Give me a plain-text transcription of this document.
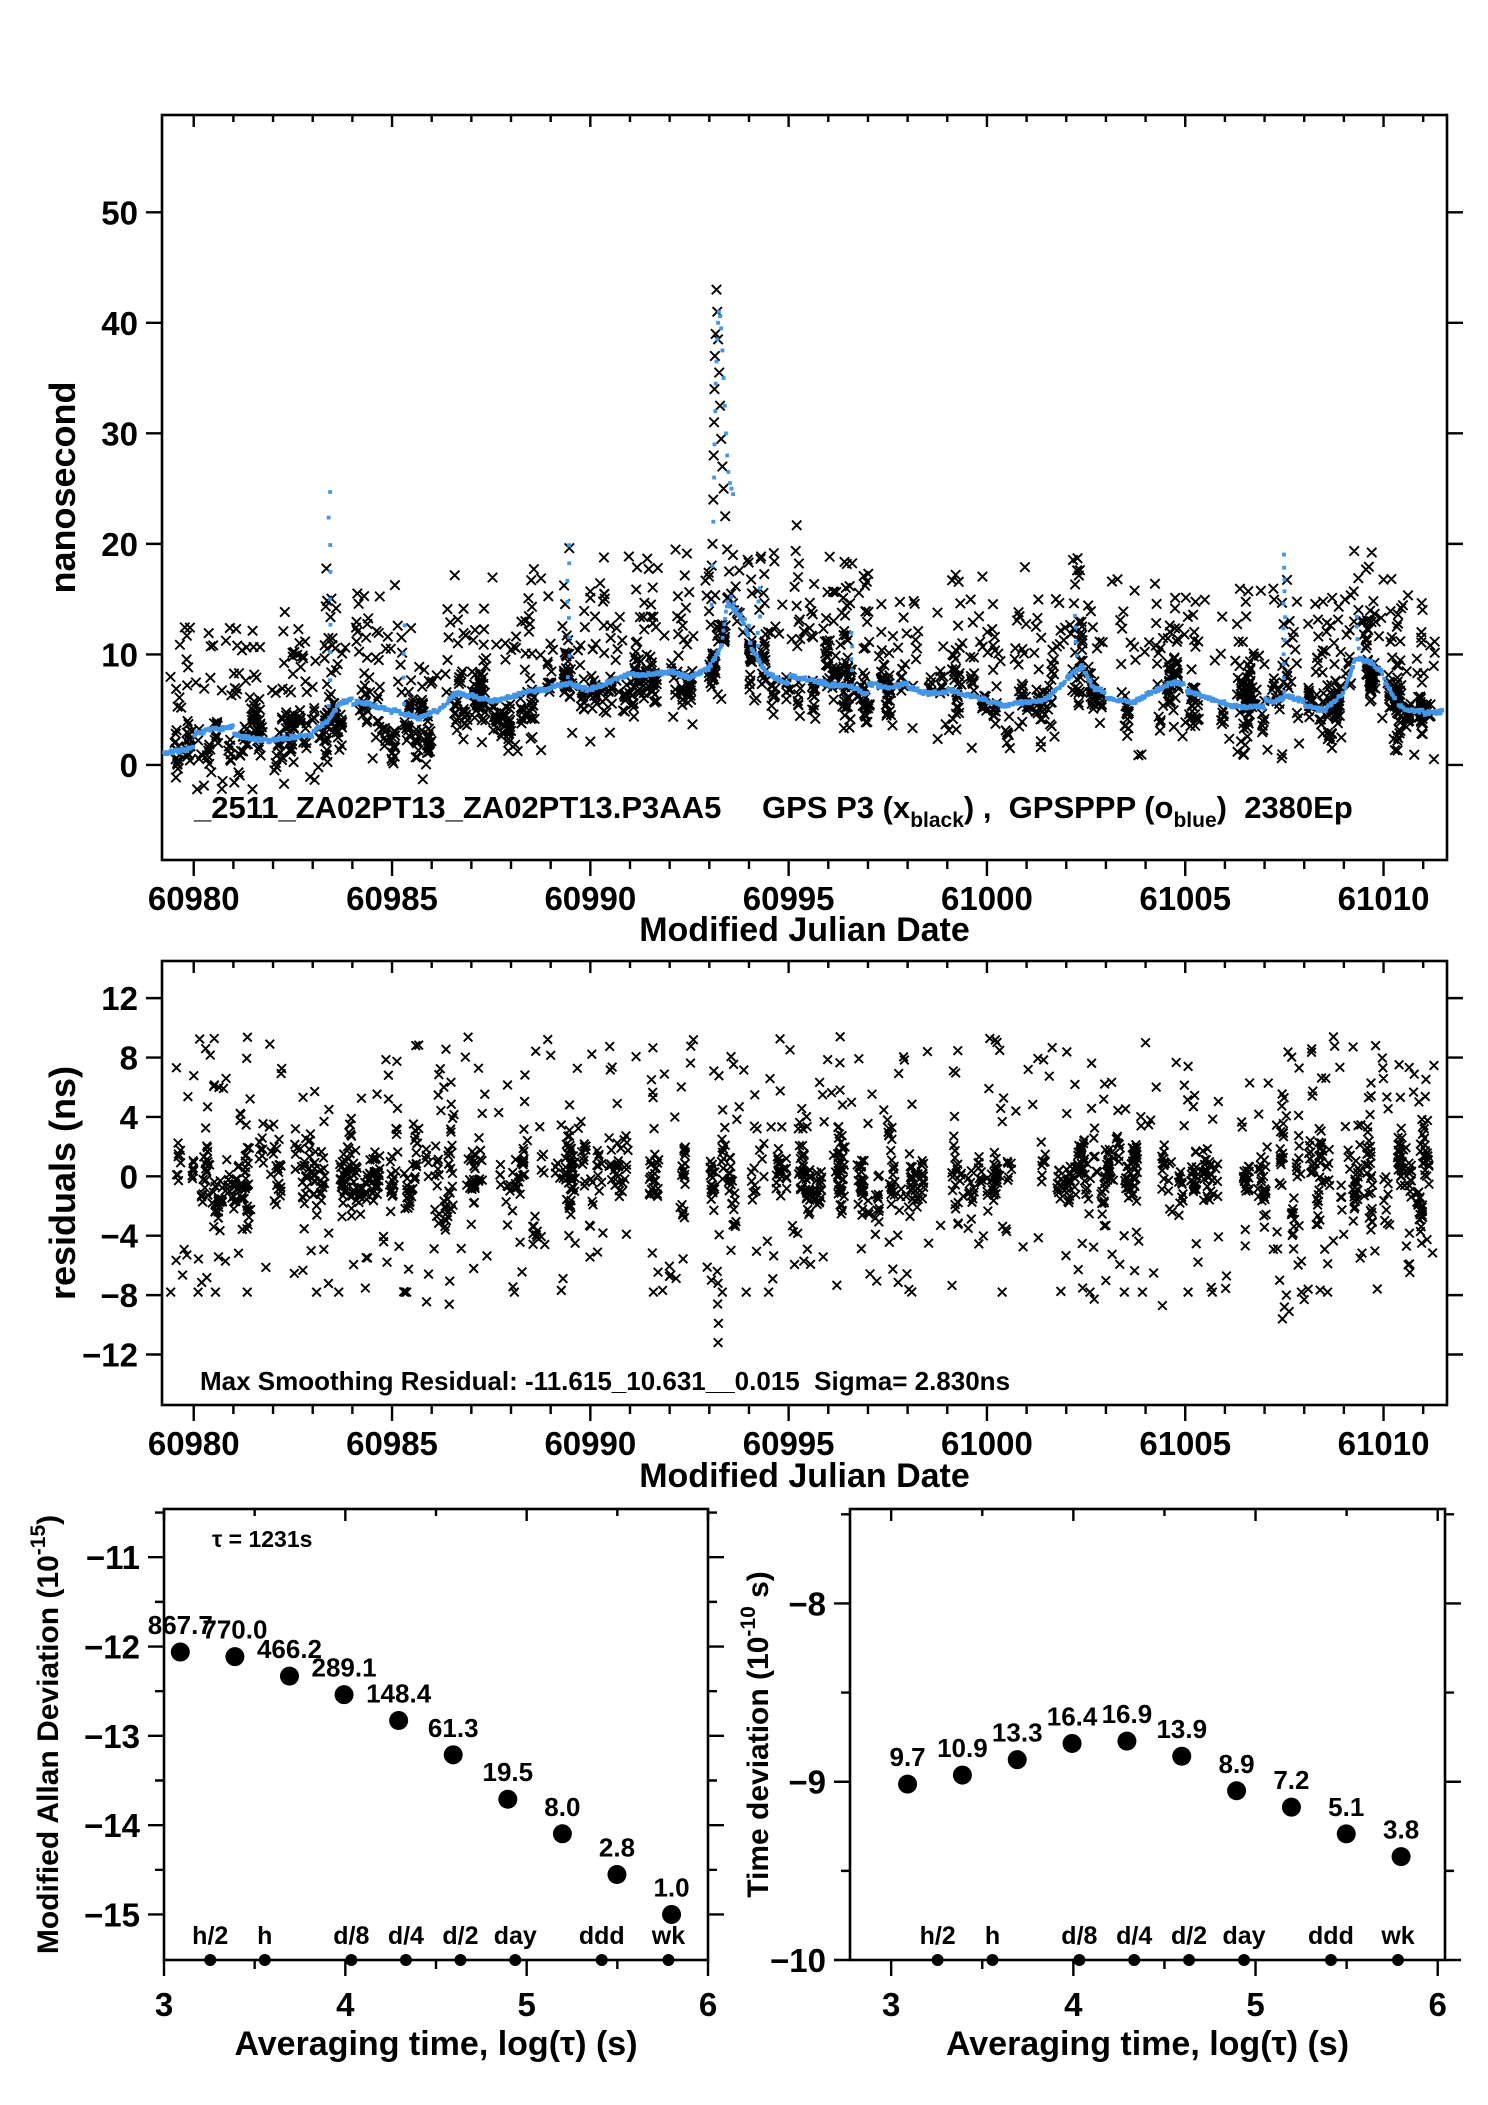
60980	60985	60990	60995	61000	61005	61010
0
10
20
30
40
50
nanosecond
Modified Julian Date
_2511_ZA02PT13_ZA02PT13.P3AA5 GPS P3 $(x_{black})$ ,  GPSPPP $(o_{blue})$  2380Ep
60980	60985	60990	60995	61000	61005	61010
12
8
4
0
−4
−8
−12
residuals (ns)
Modified Julian Date
Max Smoothing Residual: -11.615_10.631__0.015  Sigma= 2.830ns
3	4	5	6
−11
−12
−13
−14
−15
867.7
770.0
466.2
289.1
148.4
61.3
19.5
8.0
2.8
1.0
h/2 h d/8 d/4 d/2 day ddd wk
Modified Allan Deviation $(10^{-15})$
Averaging time, log(τ) (s)
τ = 1231s
3	4	5	6
−8
−9
−10
9.7 10.9
13.3
16.4 16.9
13.9
8.9
7.2
5.1
3.8
h/2 h d/8 d/4 d/2 day ddd wk
Time deviation ($10^{-10}$ s)
Averaging time, log(τ) (s)
